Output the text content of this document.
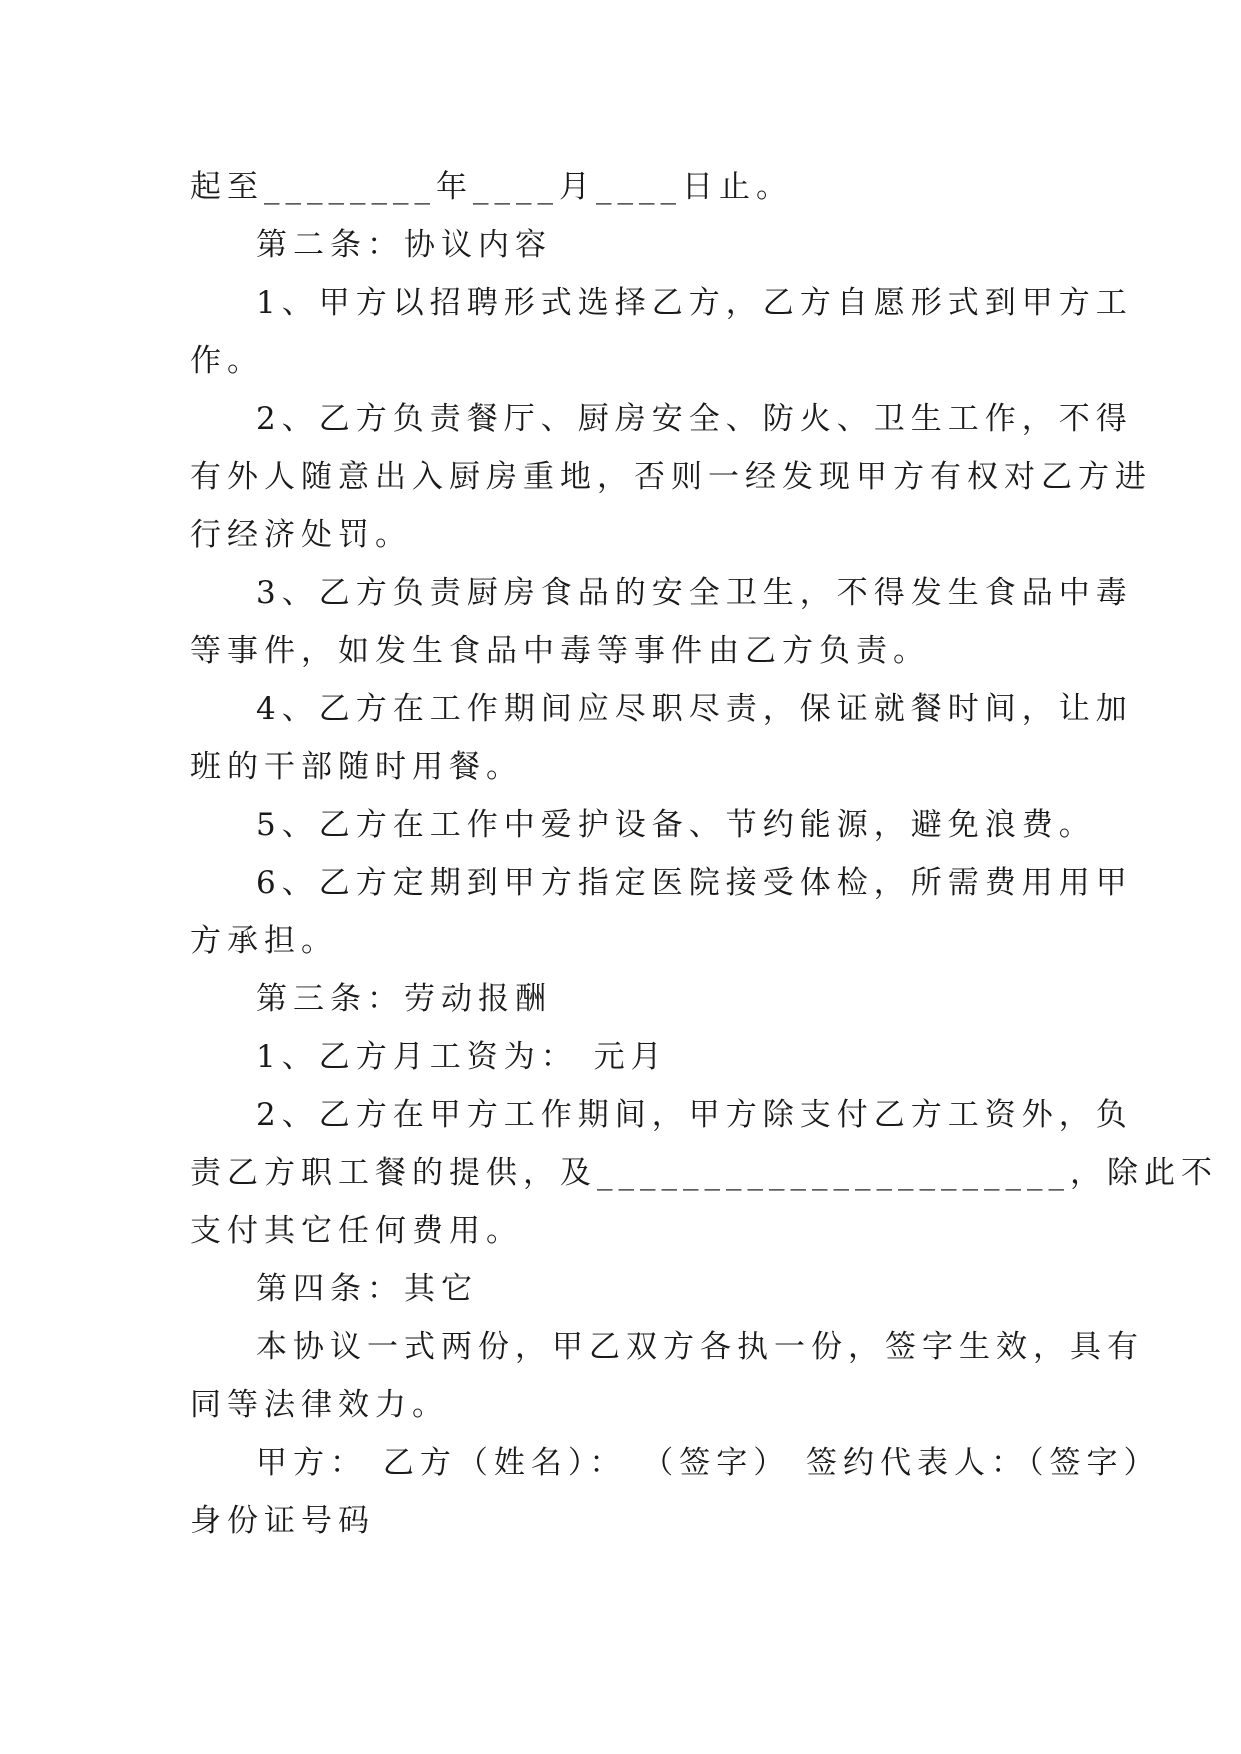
起至________年____月____日止。

第二条：协议内容

1、甲方以招聘形式选择乙方，乙方自愿形式到甲方工

作。

2、乙方负责餐厅、厨房安全、防火、卫生工作，不得

有外人随意出入厨房重地，否则一经发现甲方有权对乙方进

行经济处罚。

3、乙方负责厨房食品的安全卫生，不得发生食品中毒

等事件，如发生食品中毒等事件由乙方负责。

4、乙方在工作期间应尽职尽责，保证就餐时间，让加

班的干部随时用餐。

5、乙方在工作中爱护设备、节约能源，避免浪费。

6、乙方定期到甲方指定医院接受体检，所需费用用甲

方承担。

第三条：劳动报酬

1、乙方月工资为： 元月

2、乙方在甲方工作期间，甲方除支付乙方工资外，负

责乙方职工餐的提供，及______________________，除此不

支付其它任何费用。

第四条：其它

本协议一式两份，甲乙双方各执一份，签字生效，具有

同等法律效力。

甲方： 乙方（姓名）： （签字） 签约代表人：（签字）

身份证号码
